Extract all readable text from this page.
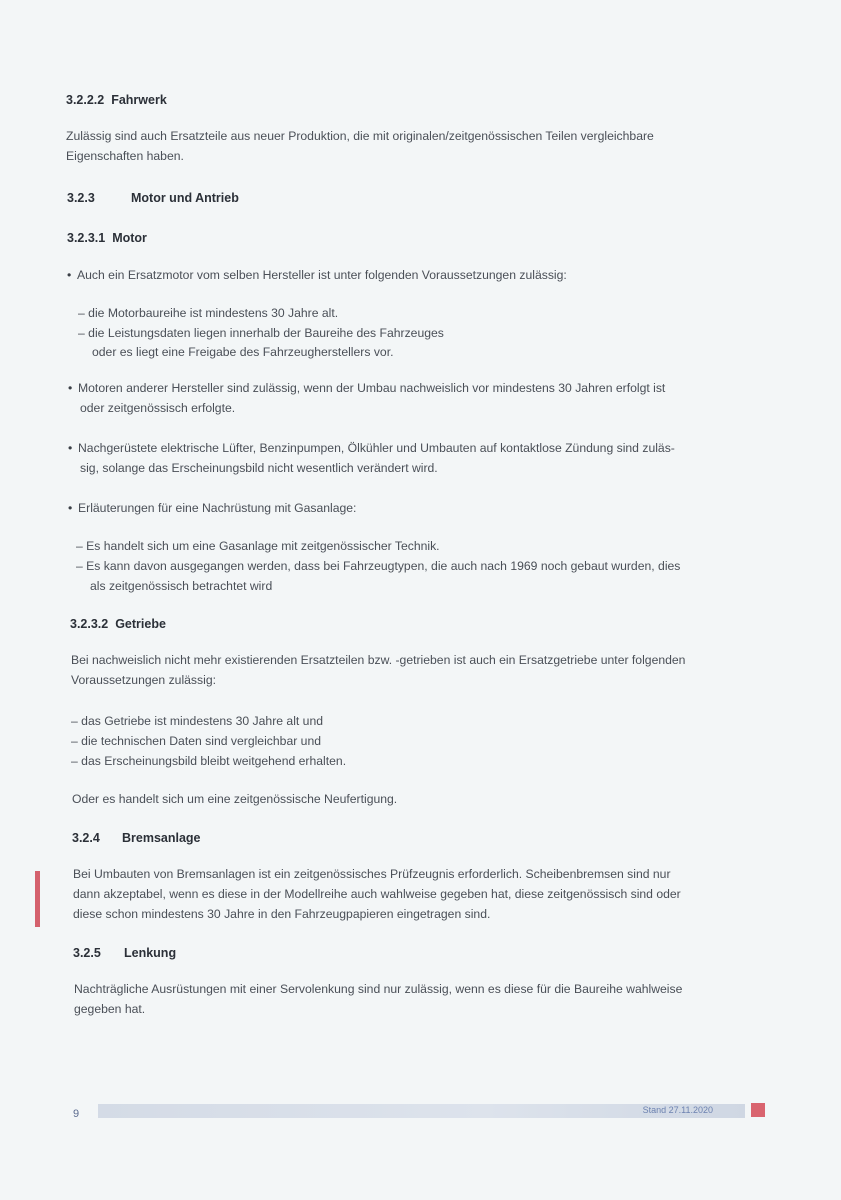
3.2.2.2 Fahrwerk
Zulässig sind auch Ersatzteile aus neuer Produktion, die mit originalen/zeitgenössischen Teilen vergleichbare
Eigenschaften haben.
3.2.3	Motor und Antrieb
3.2.3.1 Motor
• Auch ein Ersatzmotor vom selben Hersteller ist unter folgenden Voraussetzungen zulässig:
– die Motorbaureihe ist mindestens 30 Jahre alt.
– die Leistungsdaten liegen innerhalb der Baureihe des Fahrzeuges
oder es liegt eine Freigabe des Fahrzeugherstellers vor.
• Motoren anderer Hersteller sind zulässig, wenn der Umbau nachweislich vor mindestens 30 Jahren erfolgt ist
oder zeitgenössisch erfolgte.
• Nachgerüstete elektrische Lüfter, Benzinpumpen, Ölkühler und Umbauten auf kontaktlose Zündung sind zuläs-
sig, solange das Erscheinungsbild nicht wesentlich verändert wird.
• Erläuterungen für eine Nachrüstung mit Gasanlage:
– Es handelt sich um eine Gasanlage mit zeitgenössischer Technik.
– Es kann davon ausgegangen werden, dass bei Fahrzeugtypen, die auch nach 1969 noch gebaut wurden, dies
als zeitgenössisch betrachtet wird
3.2.3.2 Getriebe
Bei nachweislich nicht mehr existierenden Ersatzteilen bzw. -getrieben ist auch ein Ersatzgetriebe unter folgenden
Voraussetzungen zulässig:
– das Getriebe ist mindestens 30 Jahre alt und
– die technischen Daten sind vergleichbar und
– das Erscheinungsbild bleibt weitgehend erhalten.
Oder es handelt sich um eine zeitgenössische Neufertigung.
3.2.4 Bremsanlage
Bei Umbauten von Bremsanlagen ist ein zeitgenössisches Prüfzeugnis erforderlich. Scheibenbremsen sind nur
dann akzeptabel, wenn es diese in der Modellreihe auch wahlweise gegeben hat, diese zeitgenössisch sind oder
diese schon mindestens 30 Jahre in den Fahrzeugpapieren eingetragen sind.
3.2.5 Lenkung
Nachträgliche Ausrüstungen mit einer Servolenkung sind nur zulässig, wenn es diese für die Baureihe wahlweise
gegeben hat.
9	Stand 27.11.2020
